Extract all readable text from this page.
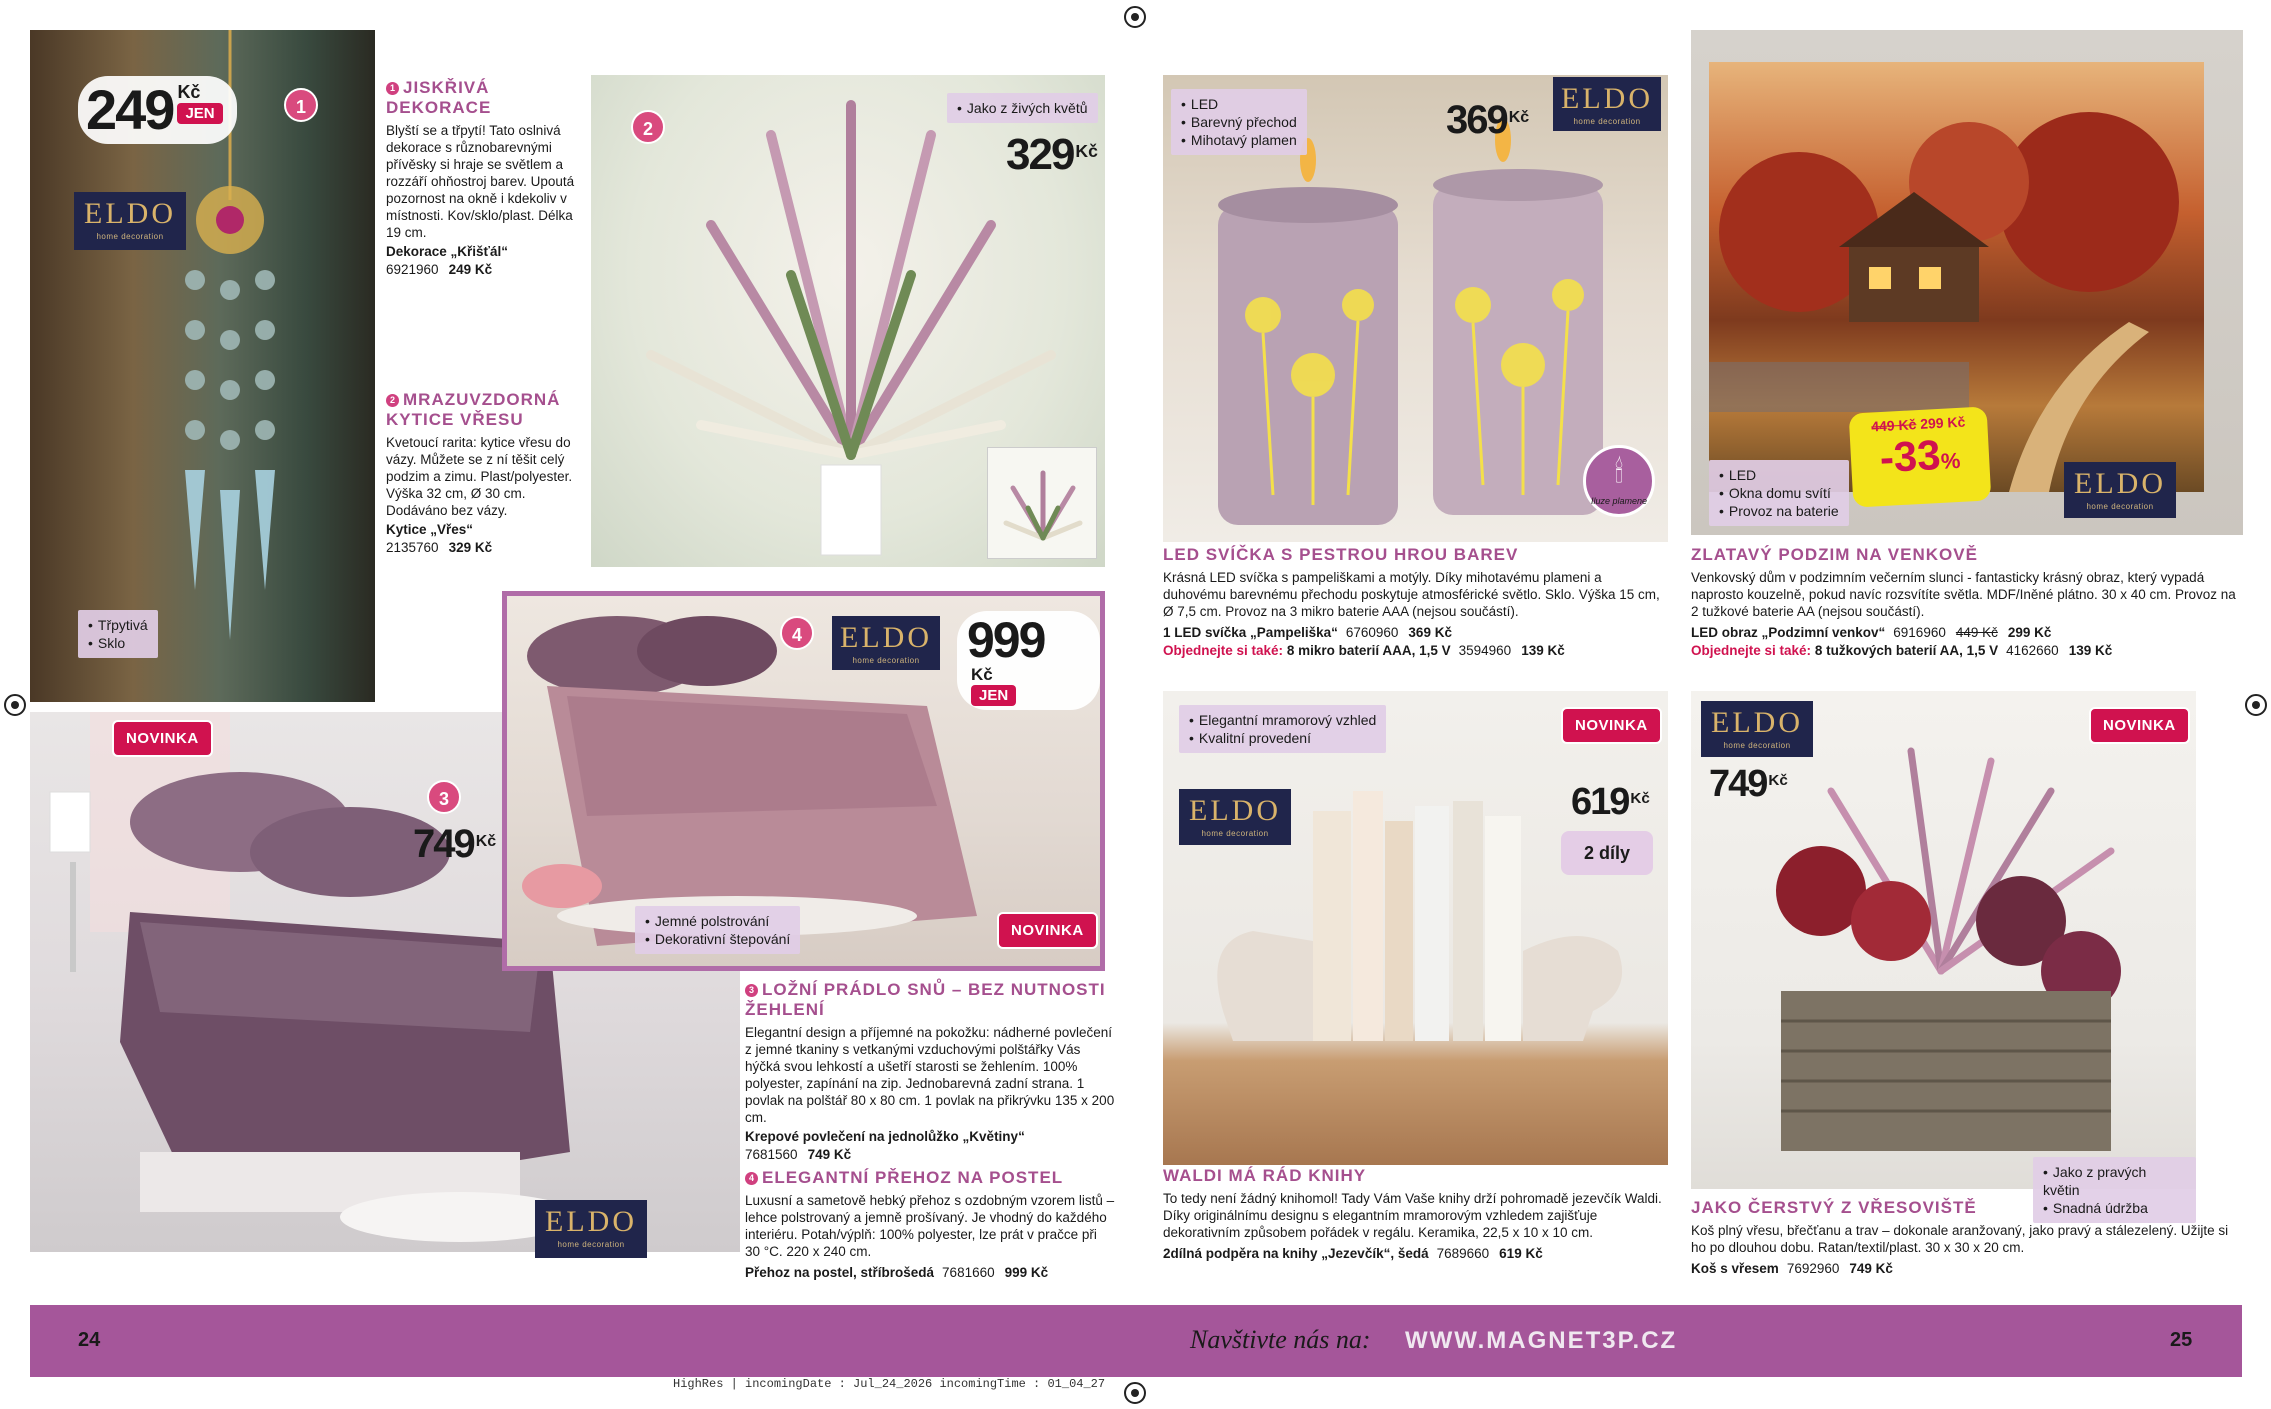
• Třpytivá
• Sklo
249 Kč
JEN	1
ELDO
home decoration
1 JISKŘIVÁ DEKORACE
Blyští se a třpytí! Tato oslnivá dekorace s různobarevnými přívěsky si hraje se světlem a rozzáří ohňostroj barev. Upoutá pozornost na okně i kdekoliv v místnosti. Kov/sklo/plast. Délka 19 cm.
Dekorace „Křišťál“
6921960 249 Kč
2 MRAZUVZDORNÁ KYTICE VŘESU
Kvetoucí rarita: kytice vřesu do vázy. Můžete se z ní těšit celý podzim a zimu. Plast/polyester. Výška 32 cm, Ø 30 cm. Dodáváno bez vázy.
Kytice „Vřes“
2135760 329 Kč
• Jako z živých květů
329 $^{Kč}$
2
NOVINKA
749 $^{Kč}$
3
ELDO
home decoration
ELDO
home decoration
4	999
Kč
JEN
• Jemné polstrování
• Dekorativní štepování	NOVINKA
3 LOŽNÍ PRÁDLO SNŮ – BEZ NUTNOSTI ŽEHLENÍ
Elegantní design a příjemné na pokožku: nádherné povlečení z jemné tkaniny s vetkanými vzduchovými polštářky Vás hýčká svou lehkostí a ušetří starosti se žehlením. 100% polyester, zapínání na zip. Jednobarevná zadní strana. 1 povlak na polštář 80 x 80 cm. 1 povlak na přikrývku 135 x 200 cm.
Krepové povlečení na jednolůžko „Květiny“
7681560 749 Kč
4 ELEGANTNÍ PŘEHOZ NA POSTEL
Luxusní a sametově hebký přehoz s ozdobným vzorem listů – lehce polstrovaný a jemně prošívaný. Je vhodný do každého interiéru. Potah/výplň: 100% polyester, lze prát v pračce při 30 °C. 220 x 240 cm.
Přehoz na postel, stříbrošedá 7681660 999 Kč
• LED
• Barevný přechod
• Mihotavý plamen	369 $^{Kč}$
ELDO
home decoration
🕯
Iluze plamene
LED SVÍČKA S PESTROU HROU BAREV
Krásná LED svíčka s pampeliškami a motýly. Díky mihotavému plameni a duhovému barevnému přechodu poskytuje atmosférické světlo. Sklo. Výška 15 cm, Ø 7,5 cm. Provoz na 3 mikro baterie AAA (nejsou součástí).
1 LED svíčka „Pampeliška“ 6760960 369 Kč
Objednejte si také: 8 mikro baterií AAA, 1,5 V 3594960 139 Kč
• LED
• Okna domu svítí
• Provoz na baterie
449 Kč 299 Kč
-33%
ELDO
home decoration
ZLATAVÝ PODZIM NA VENKOVĚ
Venkovský dům v podzimním večerním slunci - fantasticky krásný obraz, který vypadá naprosto kouzelně, pokud navíc rozsvítíte světla. MDF/Iněné plátno. 30 x 40 cm. Provoz na 2 tužkové baterie AA (nejsou součástí).
LED obraz „Podzimní venkov“ 6916960 449 Kč 299 Kč
Objednejte si také: 8 tužkových baterií AA, 1,5 V 4162660 139 Kč
• Elegantní mramorový vzhled
• Kvalitní provedení
NOVINKA
ELDO
home decoration
619 $^{Kč}$
2 díly
WALDI MÁ RÁD KNIHY
To tedy není žádný knihomol! Tady Vám Vaše knihy drží pohromadě jezevčík Waldi. Díky originálnímu designu s elegantním mramorovým vzhledem zajišťuje dekorativním způsobem pořádek v regálu. Keramika, 22,5 x 10 x 10 cm.
2dílná podpěra na knihy „Jezevčík“, šedá 7689660 619 Kč
ELDO
home decoration
749 $^{Kč}$
NOVINKA
• Jako z pravých květin
• Snadná údržba
JAKO ČERSTVÝ Z VŘESOVIŠTĚ
Koš plný vřesu, břečťanu a trav – dokonale aranžovaný, jako pravý a stálezelený. Užijte si ho po dlouhou dobu. Ratan/textil/plast. 30 x 30 x 20 cm.
Koš s vřesem 7692960 749 Kč
24	Navštivte nás na: WWW.MAGNET3P.CZ	25
HighRes | incomingDate : Jul_24_2026 incomingTime : 01_04_27
